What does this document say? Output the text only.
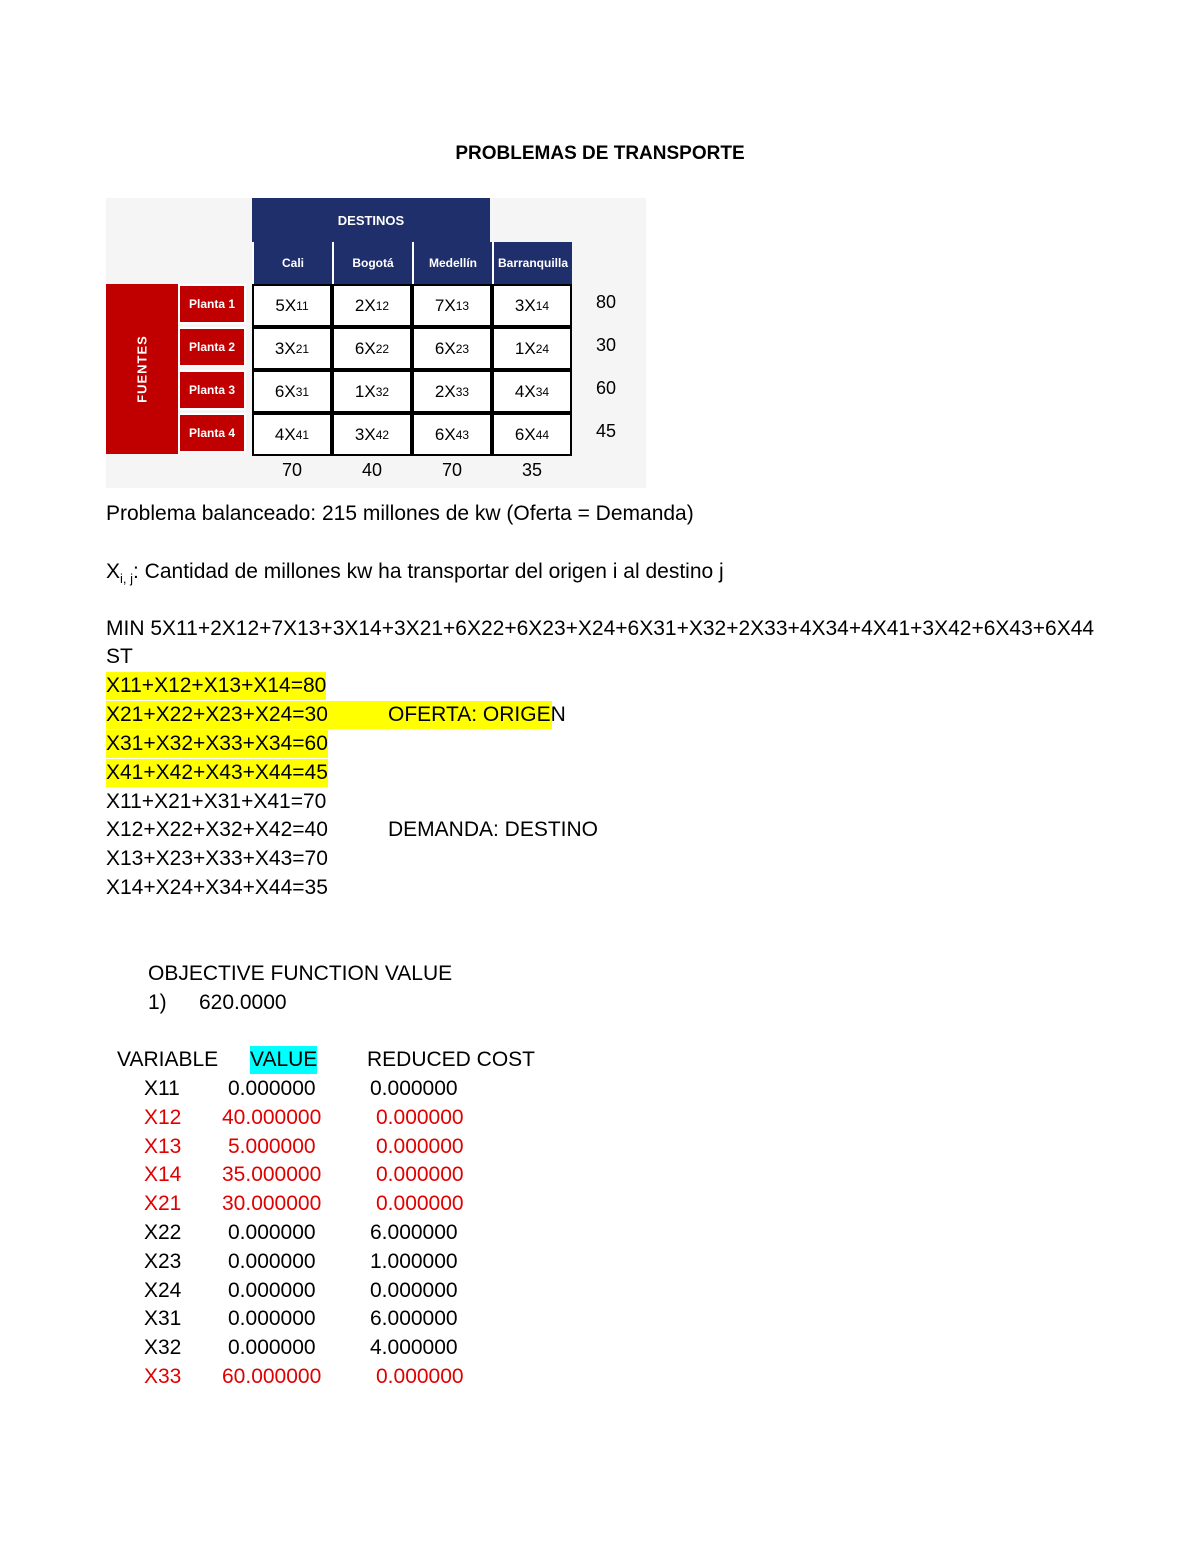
PROBLEMAS DE TRANSPORTE
DESTINOS
Cali	Bogotá	Medellín	Barranquilla
FUENTES
Planta 1	5X 11	2X 12	7X 13	3X 14	80
Planta 2	3X 21	6X 22	6X 23	1X 24	30
Planta 3	6X 31	1X 32	2X 33	4X 34	60
Planta 4	4X 41	3X 42	6X 43	6X 44	45
70	40	70	35
Problema balanceado: 215 millones de kw (Oferta = Demanda)
$X_{i, j}$: Cantidad de millones kw ha transportar del origen i al destino j
MIN 5X11+2X12+7X13+3X14+3X21+6X22+6X23+X24+6X31+X32+2X33+4X34+4X41+3X42+6X43+6X44
ST
X11+X12+X13+X14=80
X21+X22+X23+X24=30	OFERTA: ORIGEN
X31+X32+X33+X34=60
X41+X42+X43+X44=45
X11+X21+X31+X41=70
X12+X22+X32+X42=40	DEMANDA: DESTINO
X13+X23+X33+X43=70
X14+X24+X34+X44=35
OBJECTIVE FUNCTION VALUE
1) 620.0000
VARIABLE VALUE REDUCED COST
X11 0.000000	0.000000
X12 40.000000	0.000000
X13 5.000000	0.000000
X14 35.000000	0.000000
X21 30.000000	0.000000
X22 0.000000	6.000000
X23 0.000000	1.000000
X24 0.000000	0.000000
X31 0.000000	6.000000
X32 0.000000	4.000000
X33 60.000000	0.000000
